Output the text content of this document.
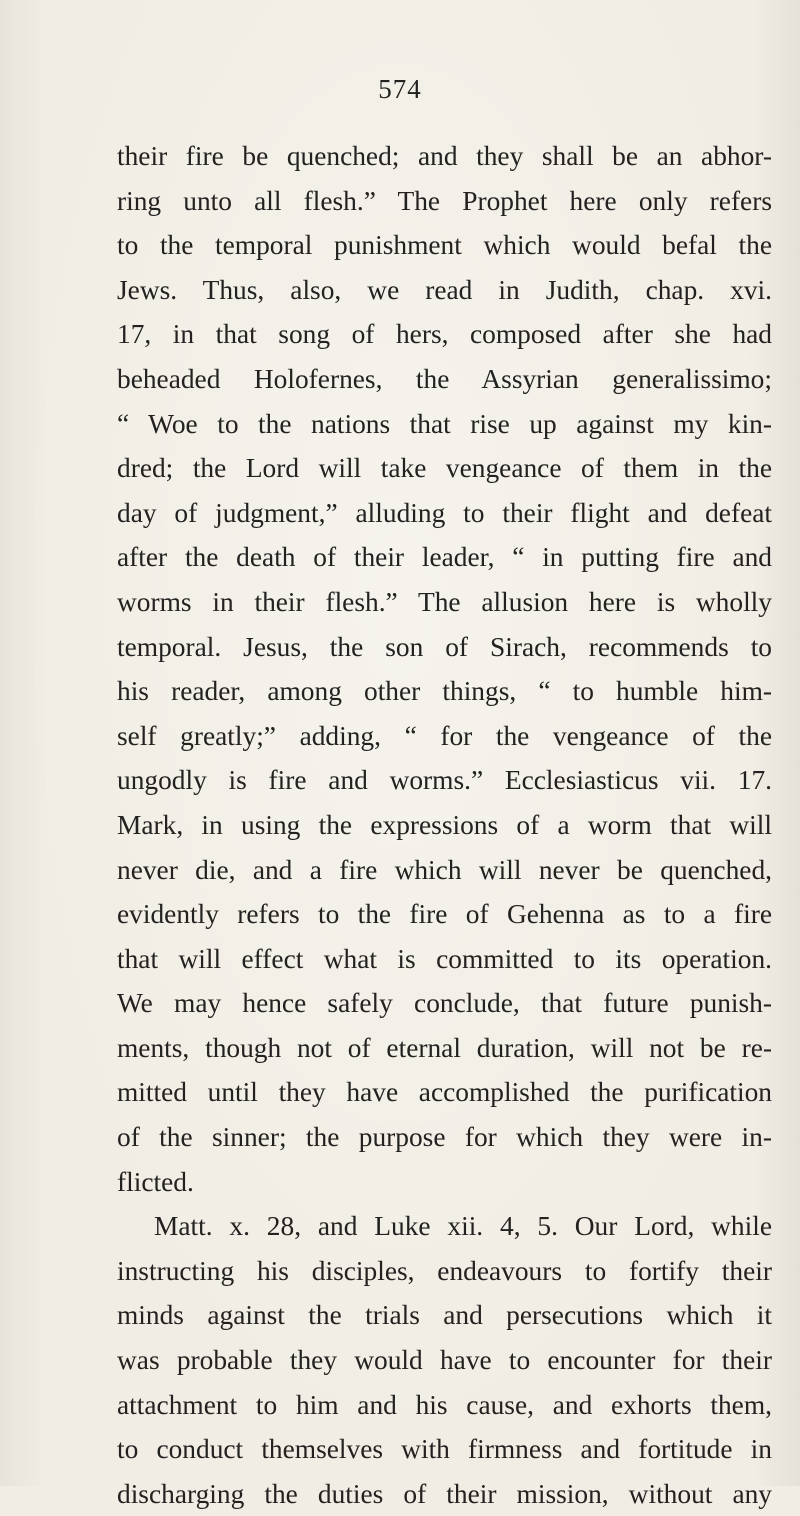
574
their fire be quenched; and they shall be an abhor-
ring unto all flesh.” The Prophet here only refers
to the temporal punishment which would befal the
Jews. Thus, also, we read in Judith, chap. xvi.
17, in that song of hers, composed after she had
beheaded Holofernes, the Assyrian generalissimo;
“ Woe to the nations that rise up against my kin-
dred; the Lord will take vengeance of them in the
day of judgment,” alluding to their flight and defeat
after the death of their leader, “ in putting fire and
worms in their flesh.” The allusion here is wholly
temporal. Jesus, the son of Sirach, recommends to
his reader, among other things, “ to humble him-
self greatly;” adding, “ for the vengeance of the
ungodly is fire and worms.” Ecclesiasticus vii. 17.
Mark, in using the expressions of a worm that will
never die, and a fire which will never be quenched,
evidently refers to the fire of Gehenna as to a fire
that will effect what is committed to its operation.
We may hence safely conclude, that future punish-
ments, though not of eternal duration, will not be re-
mitted until they have accomplished the purification
of the sinner; the purpose for which they were in-
flicted.
Matt. x. 28, and Luke xii. 4, 5. Our Lord, while
instructing his disciples, endeavours to fortify their
minds against the trials and persecutions which it
was probable they would have to encounter for their
attachment to him and his cause, and exhorts them,
to conduct themselves with firmness and fortitude in
discharging the duties of their mission, without any
